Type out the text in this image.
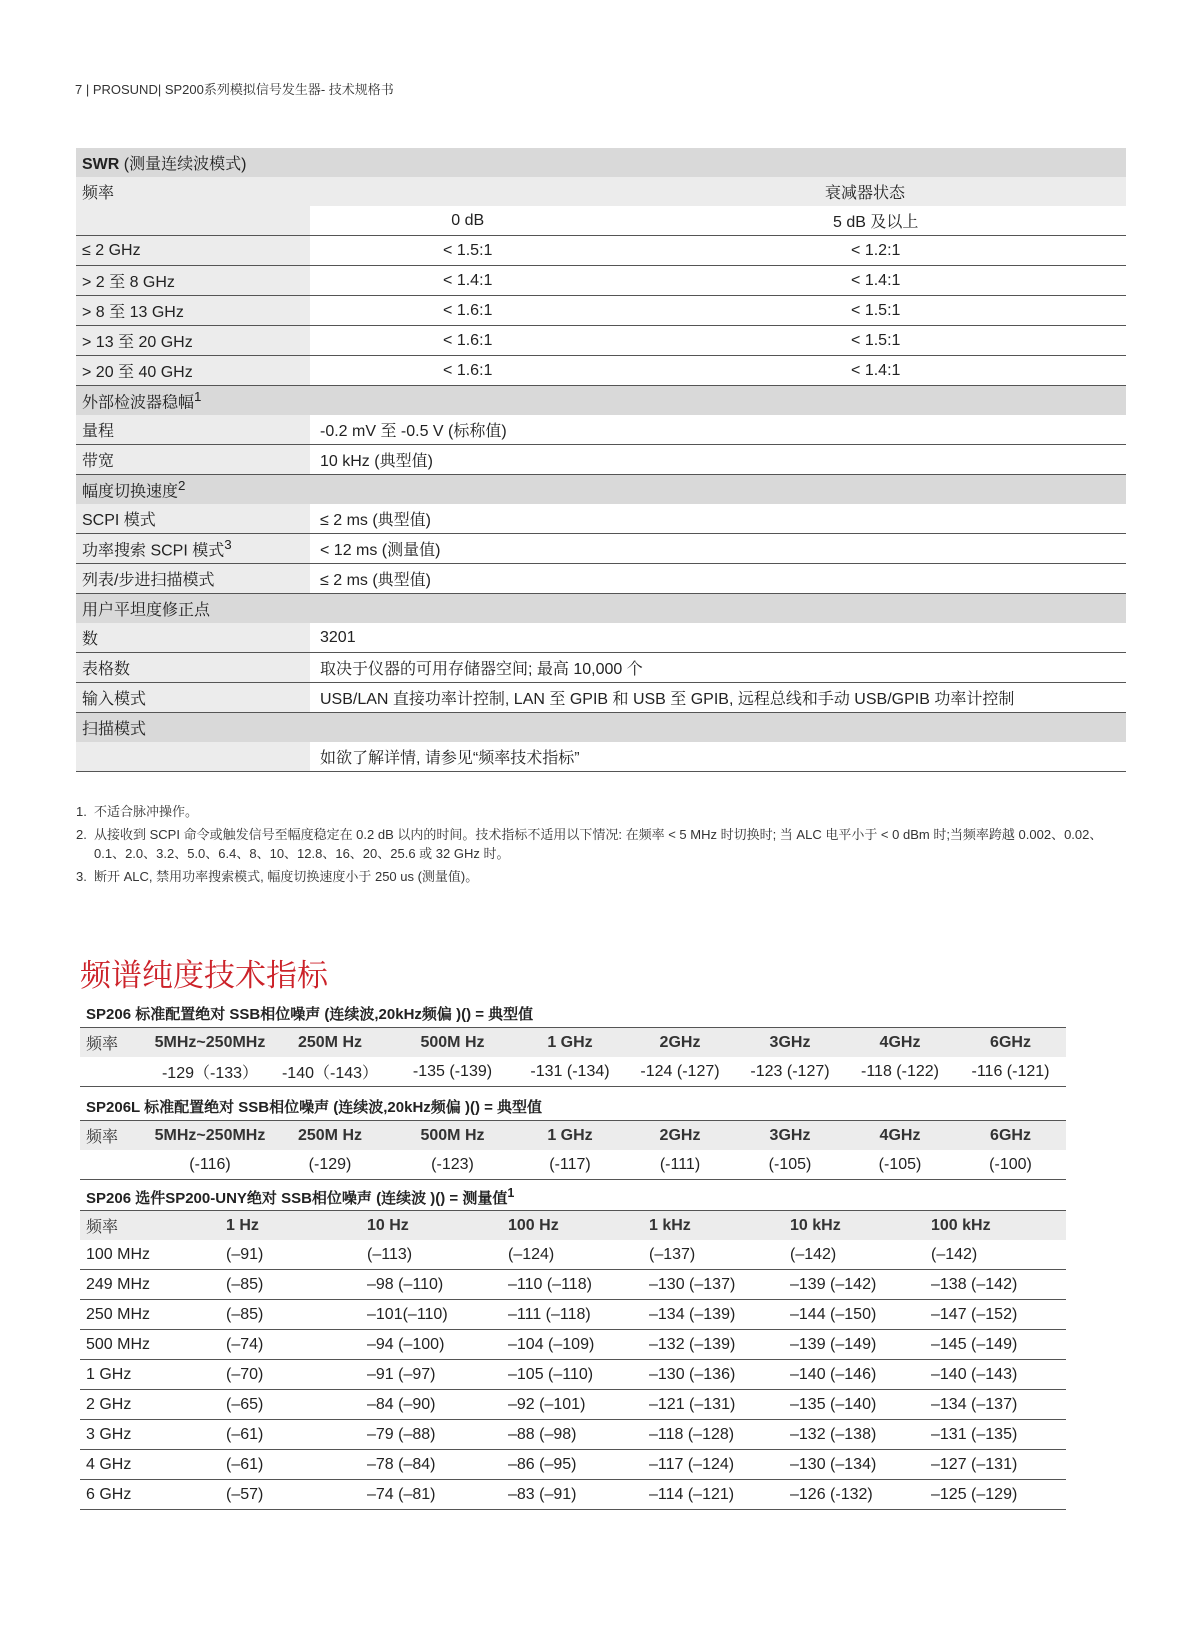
7 | PROSUND| SP200系列模拟信号发生器- 技术规格书
SWR (测量连续波模式)		
频率	衰减器状态	
	0 dB	5 dB 及以上
≤ 2 GHz	< 1.5:1	< 1.2:1
> 2 至 8 GHz	< 1.4:1	< 1.4:1
> 8 至 13 GHz	< 1.6:1	< 1.5:1
> 13 至 20 GHz	< 1.6:1	< 1.5:1
> 20 至 40 GHz	< 1.6:1	< 1.4:1
外部检波器稳幅$^1$
量程	-0.2 mV 至 -0.5 V (标称值)	
带宽	10 kHz (典型值)	
幅度切换速度$^2$
SCPI 模式	≤ 2 ms (典型值)	
功率搜索 SCPI 模式$^3$	< 12 ms (测量值)	
列表/步进扫描模式	≤ 2 ms (典型值)	
用户平坦度修正点		
数	3201	
表格数	取决于仪器的可用存储器空间; 最高 10,000 个	
输入模式	USB/LAN 直接功率计控制, LAN 至 GPIB 和 USB 至 GPIB, 远程总线和手动 USB/GPIB 功率计控制	
扫描模式		
	如欲了解详情, 请参见“频率技术指标”	
1. 不适合脉冲操作。
2. 从接收到 SCPI 命令或触发信号至幅度稳定在 0.2 dB 以内的时间。技术指标不适用以下情况: 在频率 < 5 MHz 时切换时; 当 ALC 电平小于 < 0 dBm 时;当频率跨越 0.002、0.02、0.1、2.0、3.2、5.0、6.4、8、10、12.8、16、20、25.6 或 32 GHz 时。
3. 断开 ALC, 禁用功率搜索模式, 幅度切换速度小于 250 us (测量值)。
频谱纯度技术指标
SP206 标准配置绝对 SSB相位噪声 (连续波,20kHz频偏 )() = 典型值								
频率	5MHz~250MHz	250M Hz	500M Hz	1 GHz	2GHz	3GHz	4GHz	6GHz
	-129（-133）	-140（-143）	-135 (-139)	-131 (-134)	-124 (-127)	-123 (-127)	-118 (-122)	-116 (-121)
SP206L 标准配置绝对 SSB相位噪声 (连续波,20kHz频偏 )() = 典型值								
频率	5MHz~250MHz	250M Hz	500M Hz	1 GHz	2GHz	3GHz	4GHz	6GHz
	(-116)	(-129)	(-123)	(-117)	(-111)	(-105)	(-105)	(-100)
SP206 选件SP200-UNY绝对 SSB相位噪声 (连续波 )() = 测量值$^1$
频率	1 Hz	10 Hz	100 Hz	1 kHz	10 kHz	100 kHz
100 MHz	(–91)	(–113)	(–124)	(–137)	(–142)	(–142)
249 MHz	(–85)	–98 (–110)	–110 (–118)	–130 (–137)	–139 (–142)	–138 (–142)
250 MHz	(–85)	–101(–110)	–111 (–118)	–134 (–139)	–144 (–150)	–147 (–152)
500 MHz	(–74)	–94 (–100)	–104 (–109)	–132 (–139)	–139 (–149)	–145 (–149)
1 GHz	(–70)	–91 (–97)	–105 (–110)	–130 (–136)	–140 (–146)	–140 (–143)
2 GHz	(–65)	–84 (–90)	–92 (–101)	–121 (–131)	–135 (–140)	–134 (–137)
3 GHz	(–61)	–79 (–88)	–88 (–98)	–118 (–128)	–132 (–138)	–131 (–135)
4 GHz	(–61)	–78 (–84)	–86 (–95)	–117 (–124)	–130 (–134)	–127 (–131)
6 GHz	(–57)	–74 (–81)	–83 (–91)	–114 (–121)	–126 (-132)	–125 (–129)
